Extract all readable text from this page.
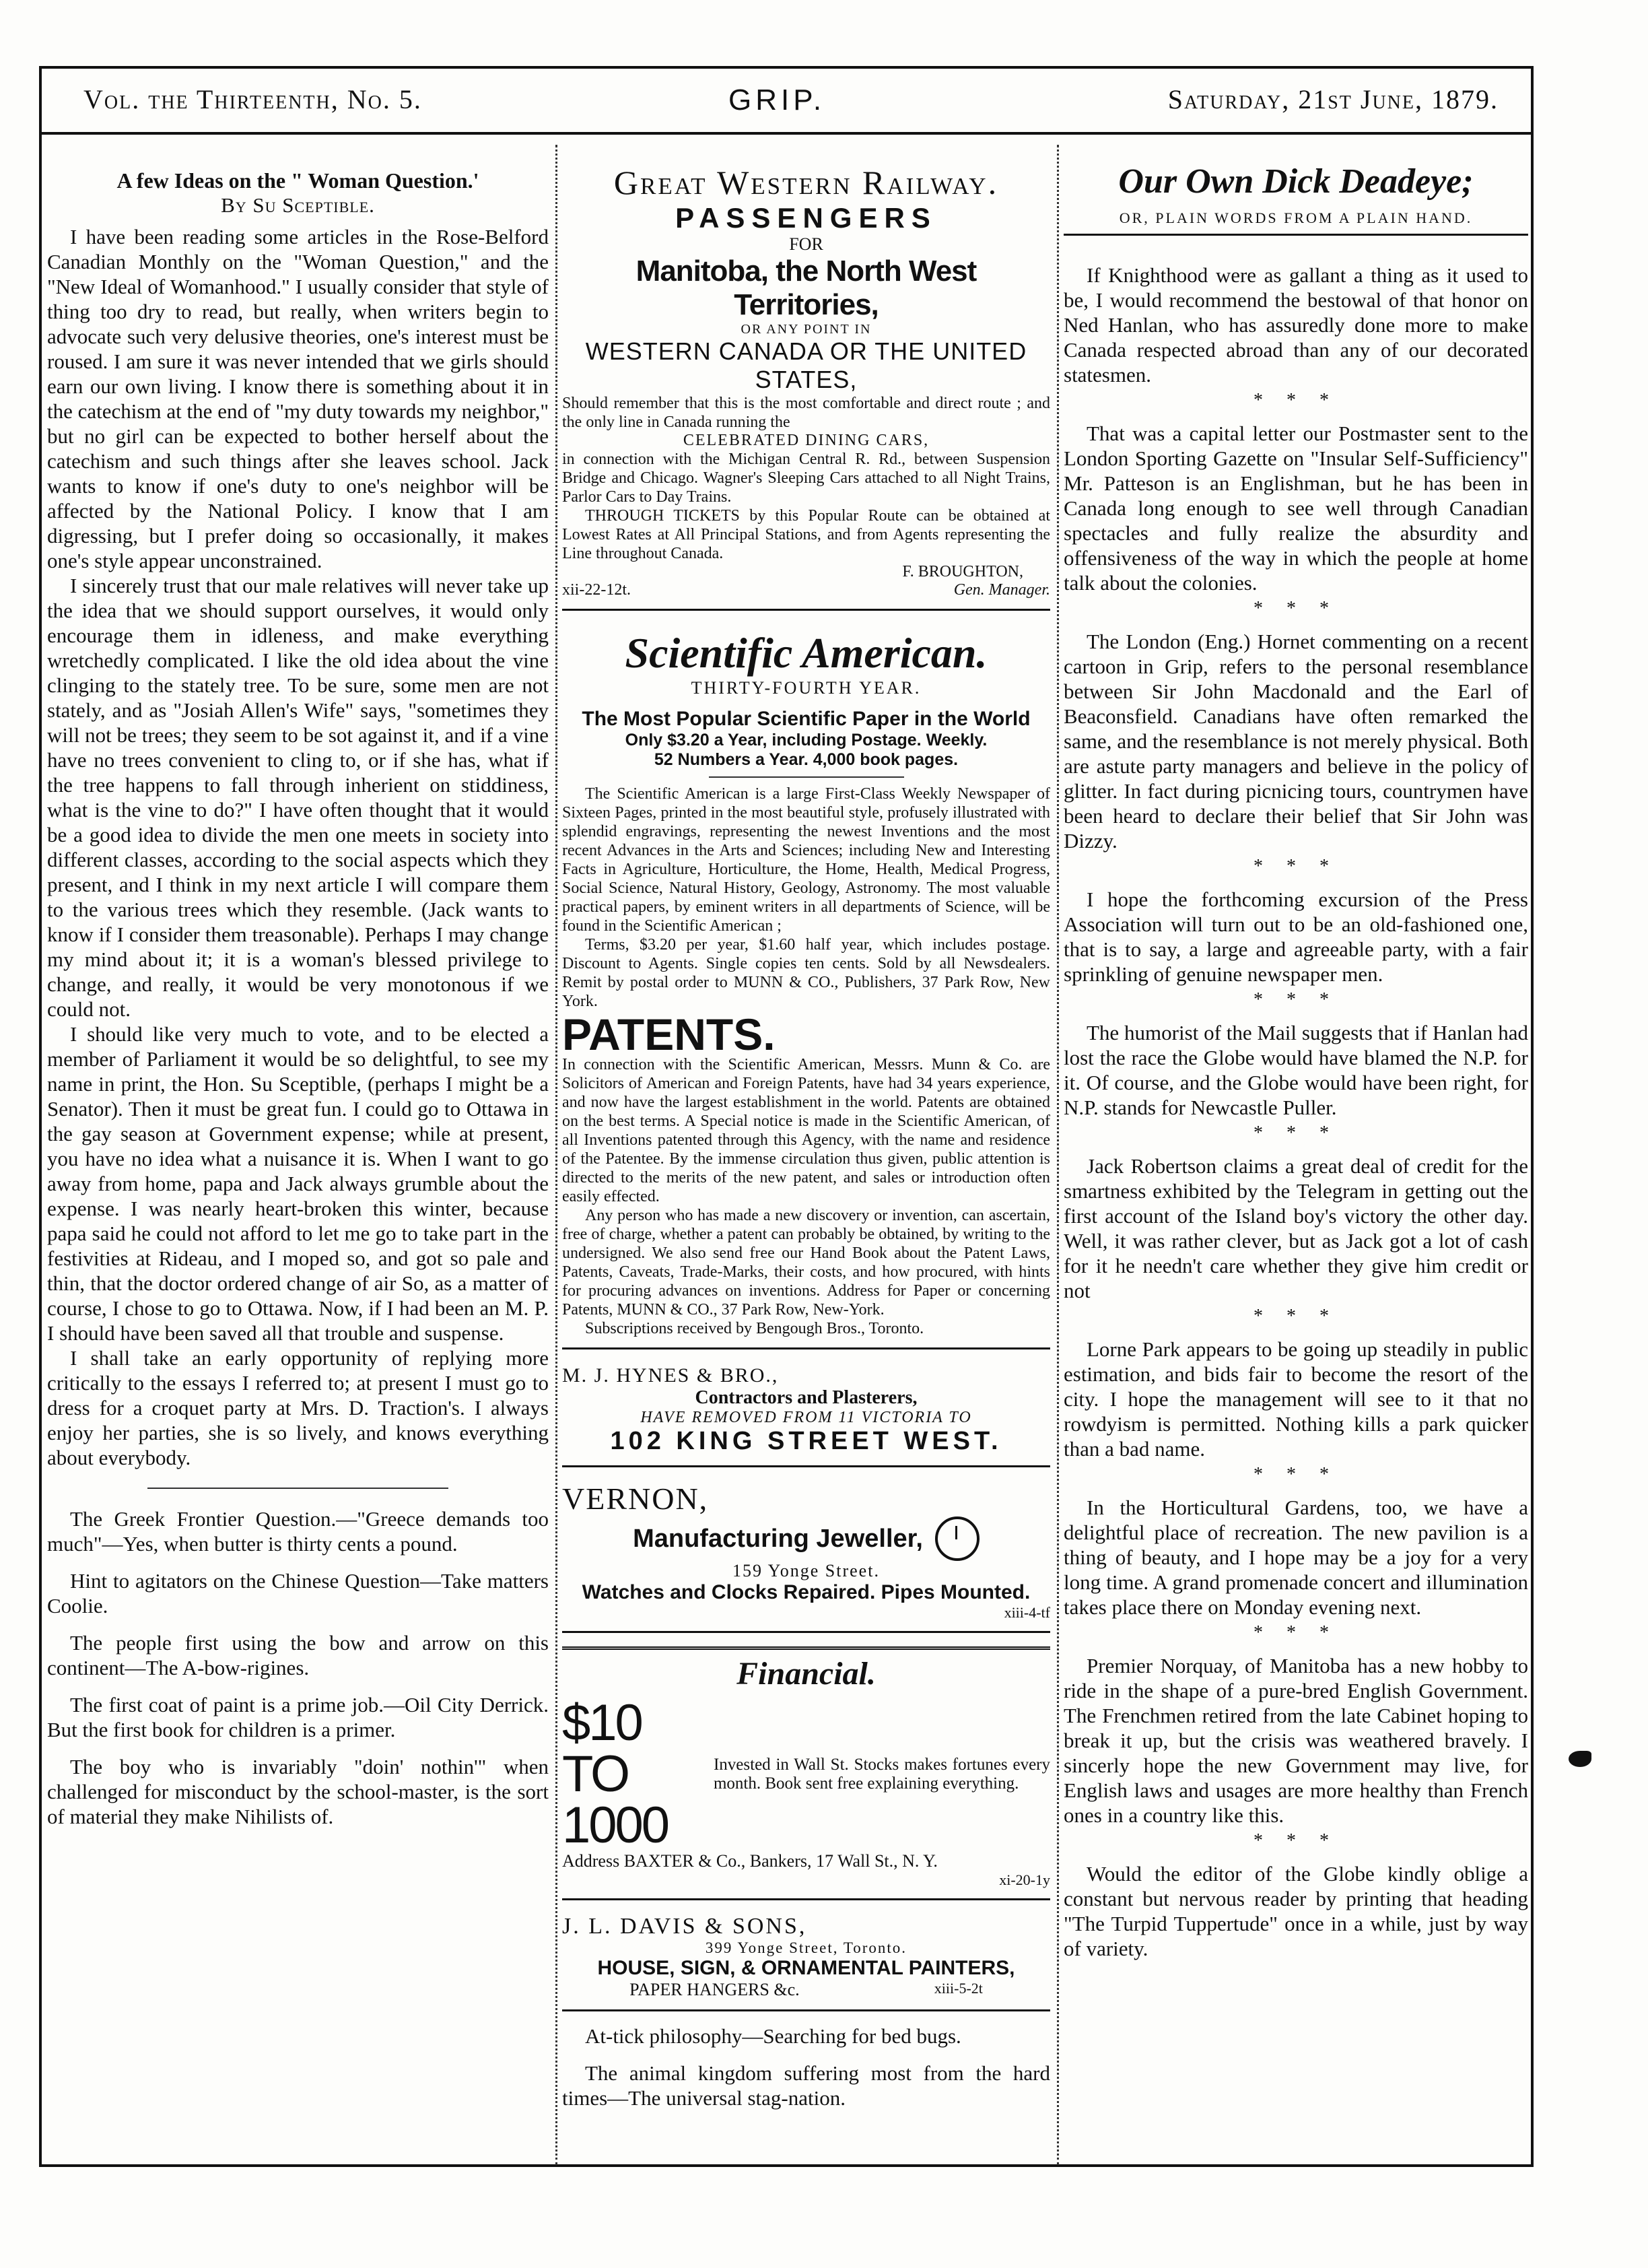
Vol. the Thirteenth, No. 5.	GRIP.	Saturday, 21st June, 1879.
A few Ideas on the " Woman Question.'
By Su Sceptible.

I have been reading some articles in the Rose-Belford Canadian Monthly on the "Woman Question," and the "New Ideal of Womanhood." I usually consider that style of thing too dry to read, but really, when writers begin to advocate such very delusive theories, one's interest must be roused. I am sure it was never intended that we girls should earn our own living. I know there is something about it in the catechism at the end of "my duty towards my neighbor," but no girl can be expected to bother herself about the catechism and such things after she leaves school. Jack wants to know if one's duty to one's neighbor will be affected by the National Policy. I know that I am digressing, but I prefer doing so occasionally, it makes one's style appear unconstrained.

I sincerely trust that our male relatives will never take up the idea that we should support ourselves, it would only encourage them in idleness, and make everything wretchedly complicated. I like the old idea about the vine clinging to the stately tree. To be sure, some men are not stately, and as "Josiah Allen's Wife" says, "sometimes they will not be trees; they seem to be sot against it, and if a vine have no trees convenient to cling to, or if she has, what if the tree happens to fall through inherient on stiddiness, what is the vine to do?" I have often thought that it would be a good idea to divide the men one meets in society into different classes, according to the social aspects which they present, and I think in my next article I will compare them to the various trees which they resemble. (Jack wants to know if I consider them treasonable). Perhaps I may change my mind about it; it is a woman's blessed privilege to change, and really, it would be very monotonous if we could not.

I should like very much to vote, and to be elected a member of Parliament it would be so delightful, to see my name in print, the Hon. Su Sceptible, (perhaps I might be a Senator). Then it must be great fun. I could go to Ottawa in the gay season at Government expense; while at present, you have no idea what a nuisance it is. When I want to go away from home, papa and Jack always grumble about the expense. I was nearly heart-broken this winter, because papa said he could not afford to let me go to take part in the festivities at Rideau, and I moped so, and got so pale and thin, that the doctor ordered change of air So, as a matter of course, I chose to go to Ottawa. Now, if I had been an M. P. I should have been saved all that trouble and suspense.

I shall take an early opportunity of replying more critically to the essays I referred to; at present I must go to dress for a croquet party at Mrs. D. Traction's. I always enjoy her parties, she is so lively, and knows everything about everybody.

The Greek Frontier Question.—"Greece demands too much"—Yes, when butter is thirty cents a pound.

Hint to agitators on the Chinese Question—Take matters Coolie.

The people first using the bow and arrow on this continent—The A-bow-rigines.

The first coat of paint is a prime job.—Oil City Derrick. But the first book for children is a primer.

The boy who is invariably "doin' nothin'" when challenged for misconduct by the school-master, is the sort of material they make Nihilists of.

Great Western Railway.
PASSENGERS
FOR
Manitoba, the North West Territories,
OR ANY POINT IN
WESTERN CANADA OR THE UNITED STATES,

Should remember that this is the most comfortable and direct route ; and the only line in Canada running the

CELEBRATED DINING CARS,

in connection with the Michigan Central R. Rd., between Suspension Bridge and Chicago. Wagner's Sleeping Cars attached to all Night Trains, Parlor Cars to Day Trains.

THROUGH TICKETS by this Popular Route can be obtained at Lowest Rates at All Principal Stations, and from Agents representing the Line throughout Canada.

F. BROUGHTON,
xii-22-12t.	Gen. Manager.
Scientific American.
THIRTY-FOURTH YEAR.
The Most Popular Scientific Paper in the World
Only $3.20 a Year, including Postage. Weekly.
52 Numbers a Year. 4,000 book pages.

The Scientific American is a large First-Class Weekly Newspaper of Sixteen Pages, printed in the most beautiful style, profusely illustrated with splendid engravings, representing the newest Inventions and the most recent Advances in the Arts and Sciences; including New and Interesting Facts in Agriculture, Horticulture, the Home, Health, Medical Progress, Social Science, Natural History, Geology, Astronomy. The most valuable practical papers, by eminent writers in all departments of Science, will be found in the Scientific American ;

Terms, $3.20 per year, $1.60 half year, which includes postage. Discount to Agents. Single copies ten cents. Sold by all Newsdealers. Remit by postal order to MUNN & CO., Publishers, 37 Park Row, New York.

PATENTS.

In connection with the Scientific American, Messrs. Munn & Co. are Solicitors of American and Foreign Patents, have had 34 years experience, and now have the largest establishment in the world. Patents are obtained on the best terms. A Special notice is made in the Scientific American, of all Inventions patented through this Agency, with the name and residence of the Patentee. By the immense circulation thus given, public attention is directed to the merits of the new patent, and sales or introduction often easily effected.

Any person who has made a new discovery or invention, can ascertain, free of charge, whether a patent can probably be obtained, by writing to the undersigned. We also send free our Hand Book about the Patent Laws, Patents, Caveats, Trade-Marks, their costs, and how procured, with hints for procuring advances on inventions. Address for Paper or concerning Patents, MUNN & CO., 37 Park Row, New-York.

Subscriptions received by Bengough Bros., Toronto.

M. J. HYNES & BRO.,
Contractors and Plasterers,
HAVE REMOVED FROM 11 VICTORIA TO
102 KING STREET WEST.
VERNON,
Manufacturing Jeweller,
159 Yonge Street.
Watches and Clocks Repaired. Pipes Mounted.
xiii-4-tf
Financial.
$10 TO 1000

Invested in Wall St. Stocks makes fortunes every month. Book sent free explaining everything.

Address BAXTER & Co., Bankers, 17 Wall St., N. Y.
xi-20-1y
J. L. DAVIS & SONS,
399 Yonge Street, Toronto.
HOUSE, SIGN, & ORNAMENTAL PAINTERS,
PAPER HANGERS &c.	xiii-5-2t

At-tick philosophy—Searching for bed bugs.

The animal kingdom suffering most from the hard times—The universal stag-nation.

Our Own Dick Deadeye;
OR, PLAIN WORDS FROM A PLAIN HAND.

If Knighthood were as gallant a thing as it used to be, I would recommend the bestowal of that honor on Ned Hanlan, who has assuredly done more to make Canada respected abroad than any of our decorated statesmen.

* * *

That was a capital letter our Postmaster sent to the London Sporting Gazette on "Insular Self-Sufficiency" Mr. Patteson is an Englishman, but he has been in Canada long enough to see well through Canadian spectacles and fully realize the absurdity and offensiveness of the way in which the people at home talk about the colonies.

* * *

The London (Eng.) Hornet commenting on a recent cartoon in Grip, refers to the personal resemblance between Sir John Macdonald and the Earl of Beaconsfield. Canadians have often remarked the same, and the resemblance is not merely physical. Both are astute party managers and believe in the policy of glitter. In fact during picnicing tours, countrymen have been heard to declare their belief that Sir John was Dizzy.

* * *

I hope the forthcoming excursion of the Press Association will turn out to be an old-fashioned one, that is to say, a large and agreeable party, with a fair sprinkling of genuine newspaper men.

* * *

The humorist of the Mail suggests that if Hanlan had lost the race the Globe would have blamed the N.P. for it. Of course, and the Globe would have been right, for N.P. stands for Newcastle Puller.

* * *

Jack Robertson claims a great deal of credit for the smartness exhibited by the Telegram in getting out the first account of the Island boy's victory the other day. Well, it was rather clever, but as Jack got a lot of cash for it he needn't care whether they give him credit or not

* * *

Lorne Park appears to be going up steadily in public estimation, and bids fair to become the resort of the city. I hope the management will see to it that no rowdyism is permitted. Nothing kills a park quicker than a bad name.

* * *

In the Horticultural Gardens, too, we have a delightful place of recreation. The new pavilion is a thing of beauty, and I hope may be a joy for a very long time. A grand promenade concert and illumination takes place there on Monday evening next.

* * *

Premier Norquay, of Manitoba has a new hobby to ride in the shape of a pure-bred English Government. The Frenchmen retired from the late Cabinet hoping to break it up, but the crisis was weathered bravely. I sincerly hope the new Government may live, for English laws and usages are more healthy than French ones in a country like this.

* * *

Would the editor of the Globe kindly oblige a constant but nervous reader by printing that heading "The Turpid Tuppertude" once in a while, just by way of variety.
